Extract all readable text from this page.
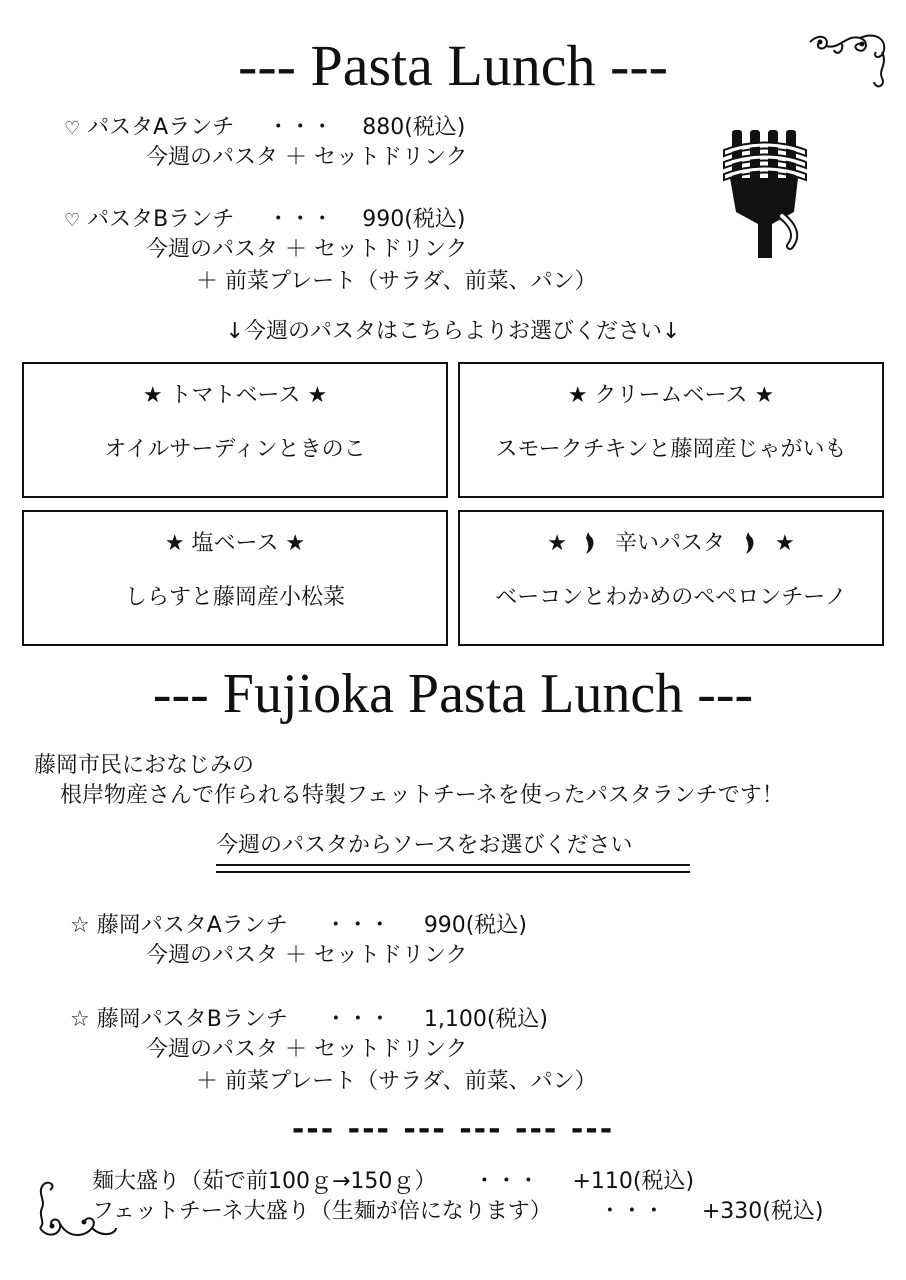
--- Pasta Lunch ---
♡ パスタAランチ ・・・ 880(税込)
今週のパスタ ＋ セットドリンク
♡ パスタBランチ ・・・ 990(税込)
今週のパスタ ＋ セットドリンク
＋ 前菜プレート（サラダ、前菜、パン）
↓今週のパスタはこちらよりお選びください↓
★ トマトベース ★
オイルサーディンときのこ
★ クリームベース ★
スモークチキンと藤岡産じゃがいも
★ 塩ベース ★
しらすと藤岡産小松菜
★ 辛いパスタ ★
ベーコンとわかめのペペロンチーノ
--- Fujioka Pasta Lunch ---
藤岡市民におなじみの
根岸物産さんで作られる特製フェットチーネを使ったパスタランチです！
今週のパスタからソースをお選びください
☆ 藤岡パスタAランチ ・・・ 990(税込)
今週のパスタ ＋ セットドリンク
☆ 藤岡パスタBランチ ・・・ 1,100(税込)
今週のパスタ ＋ セットドリンク
＋ 前菜プレート（サラダ、前菜、パン）
--- --- --- --- --- ---
麺大盛り（茹で前100ｇ→150ｇ） ・・・ +110(税込)
フェットチーネ大盛り（生麺が倍になります） ・・・ +330(税込)
